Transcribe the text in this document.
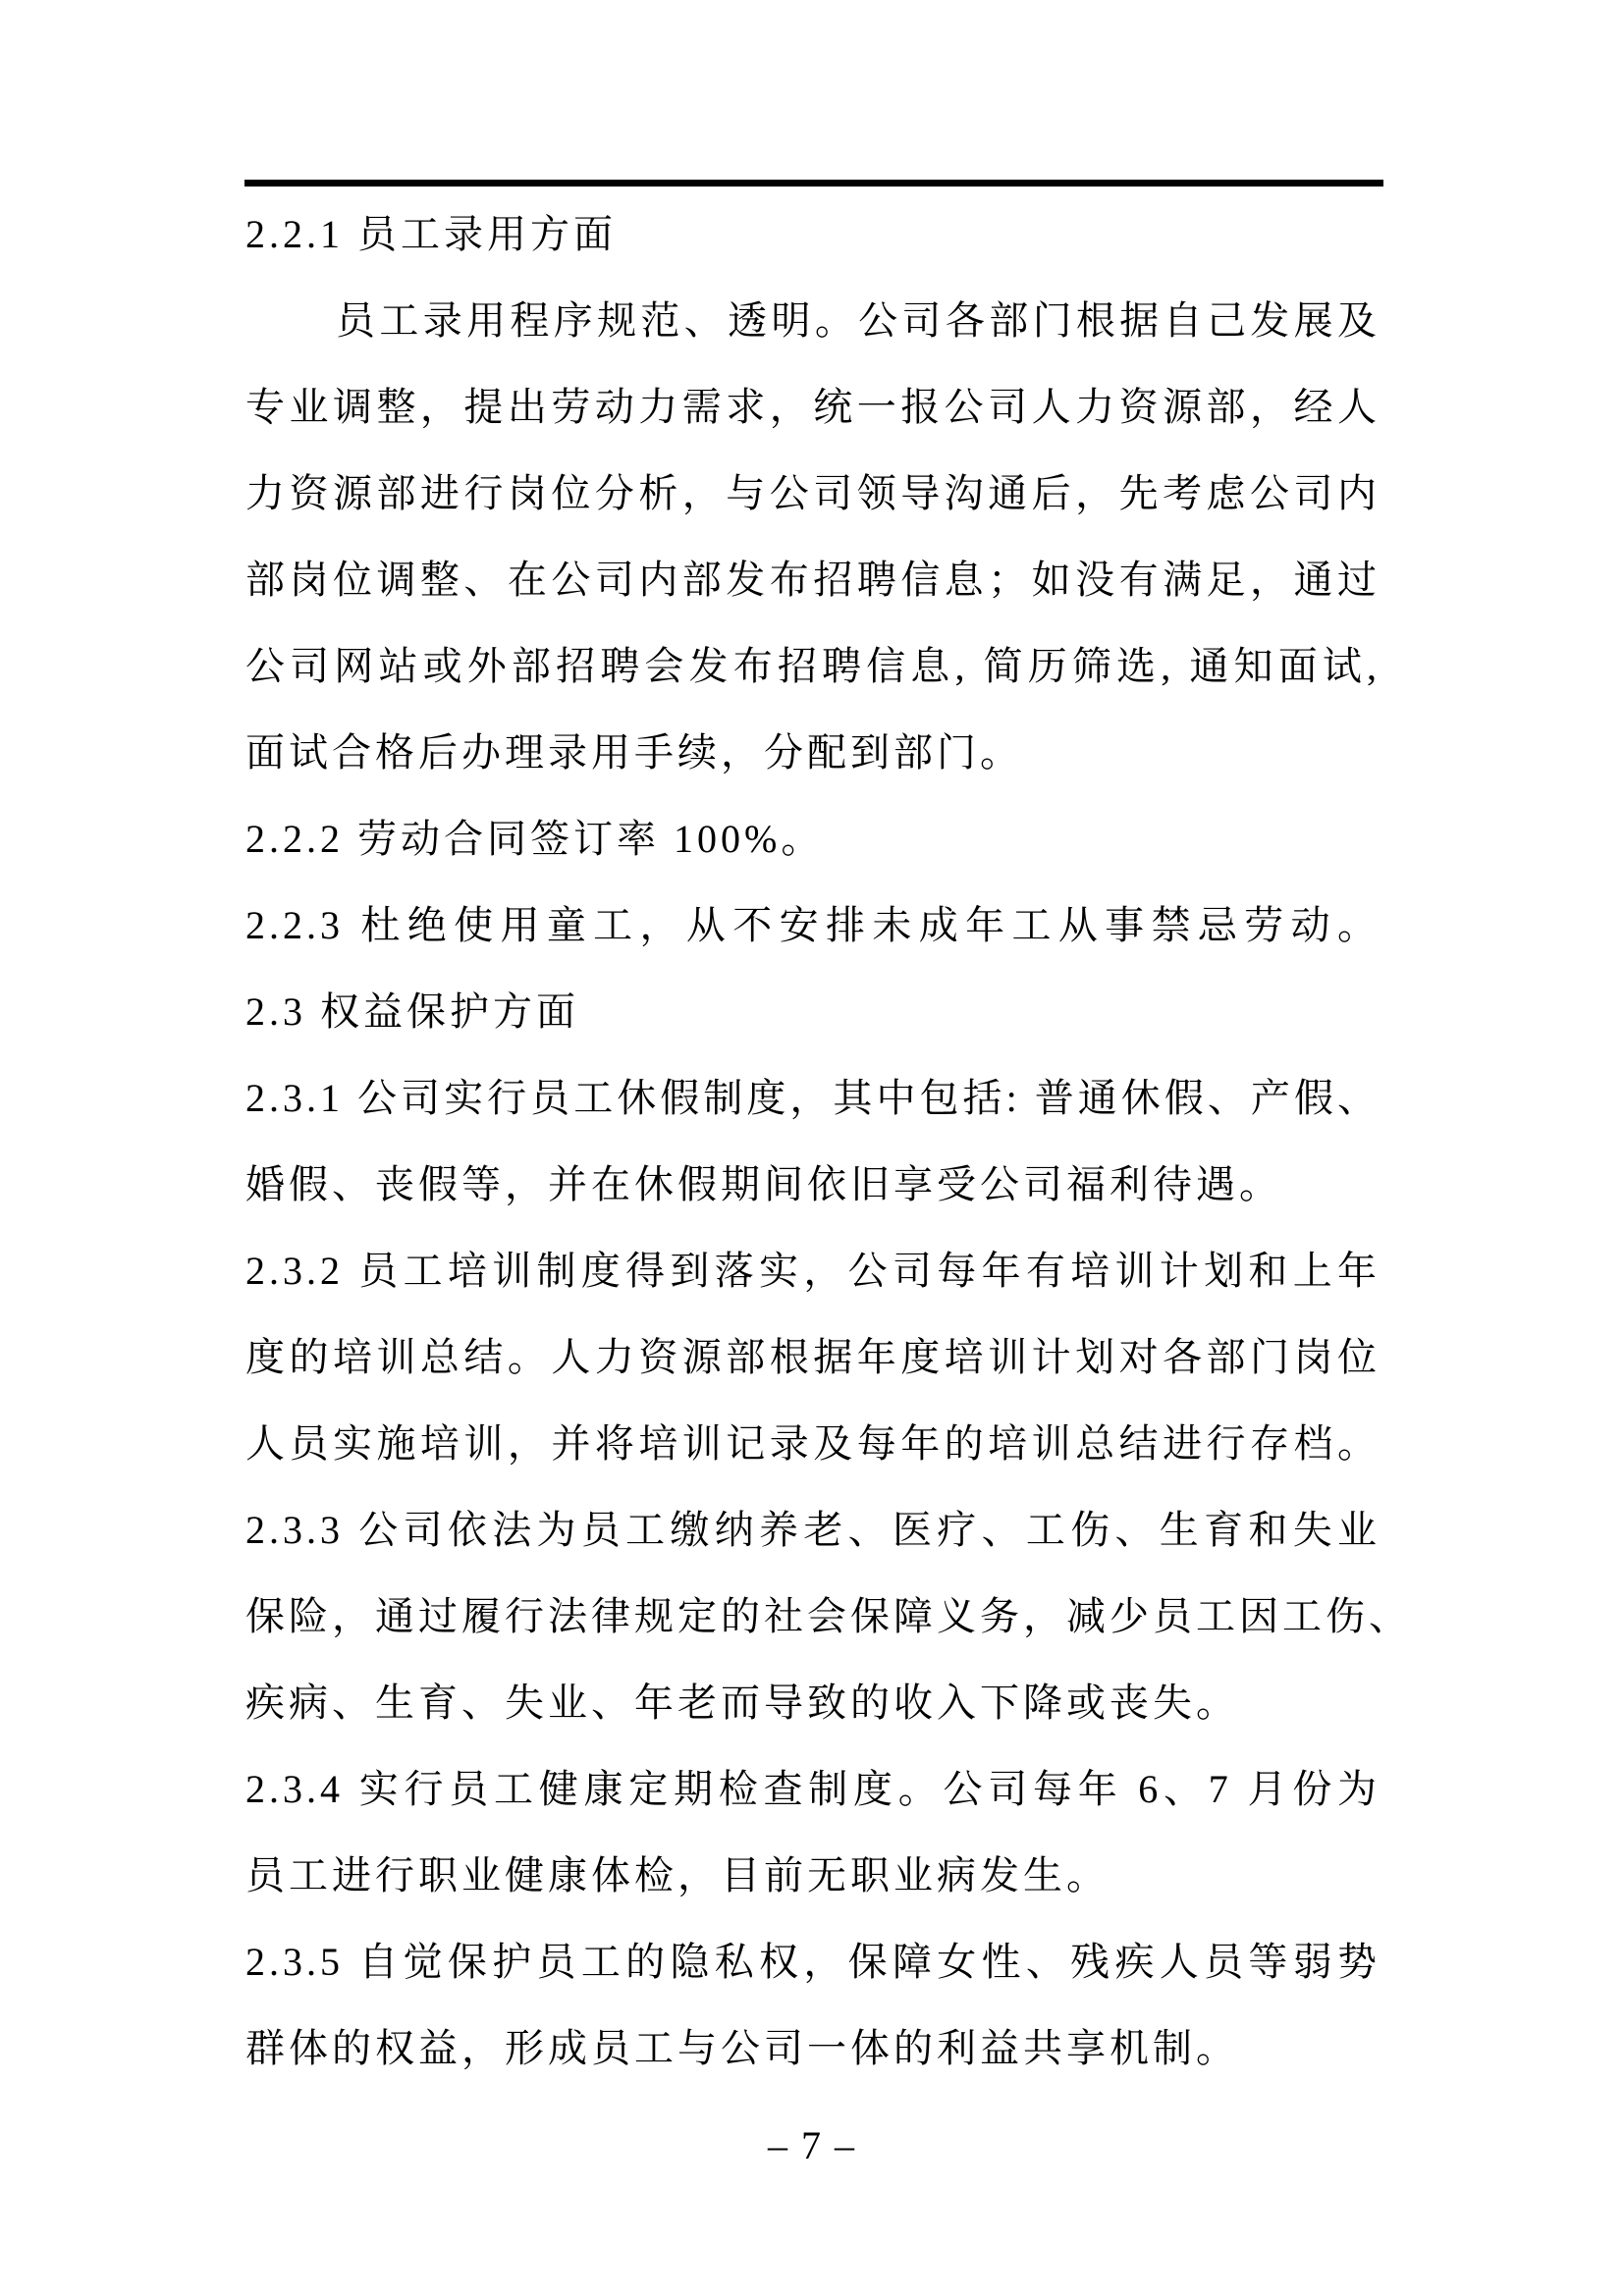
2.2.1 员工录用方面
员工录用程序规范、透明。公司各部门根据自己发展及
专业调整，提出劳动力需求，统一报公司人力资源部，经人
力资源部进行岗位分析，与公司领导沟通后，先考虑公司内
部岗位调整、在公司内部发布招聘信息；如没有满足，通过
公司网站或外部招聘会发布招聘信息, 简历筛选, 通知面试,
面试合格后办理录用手续，分配到部门。
2.2.2 劳动合同签订率 100%。
2.2.3 杜绝使用童工，从不安排未成年工从事禁忌劳动。
2.3 权益保护方面
2.3.1 公司实行员工休假制度，其中包括: 普通休假、产假、
婚假、丧假等，并在休假期间依旧享受公司福利待遇。
2.3.2 员工培训制度得到落实，公司每年有培训计划和上年
度的培训总结。人力资源部根据年度培训计划对各部门岗位
人员实施培训，并将培训记录及每年的培训总结进行存档。
2.3.3 公司依法为员工缴纳养老、医疗、工伤、生育和失业
保险，通过履行法律规定的社会保障义务，减少员工因工伤、
疾病、生育、失业、年老而导致的收入下降或丧失。
2.3.4 实行员工健康定期检查制度。公司每年 6、7 月份为
员工进行职业健康体检，目前无职业病发生。
2.3.5 自觉保护员工的隐私权，保障女性、残疾人员等弱势
群体的权益，形成员工与公司一体的利益共享机制。
– 7 –
